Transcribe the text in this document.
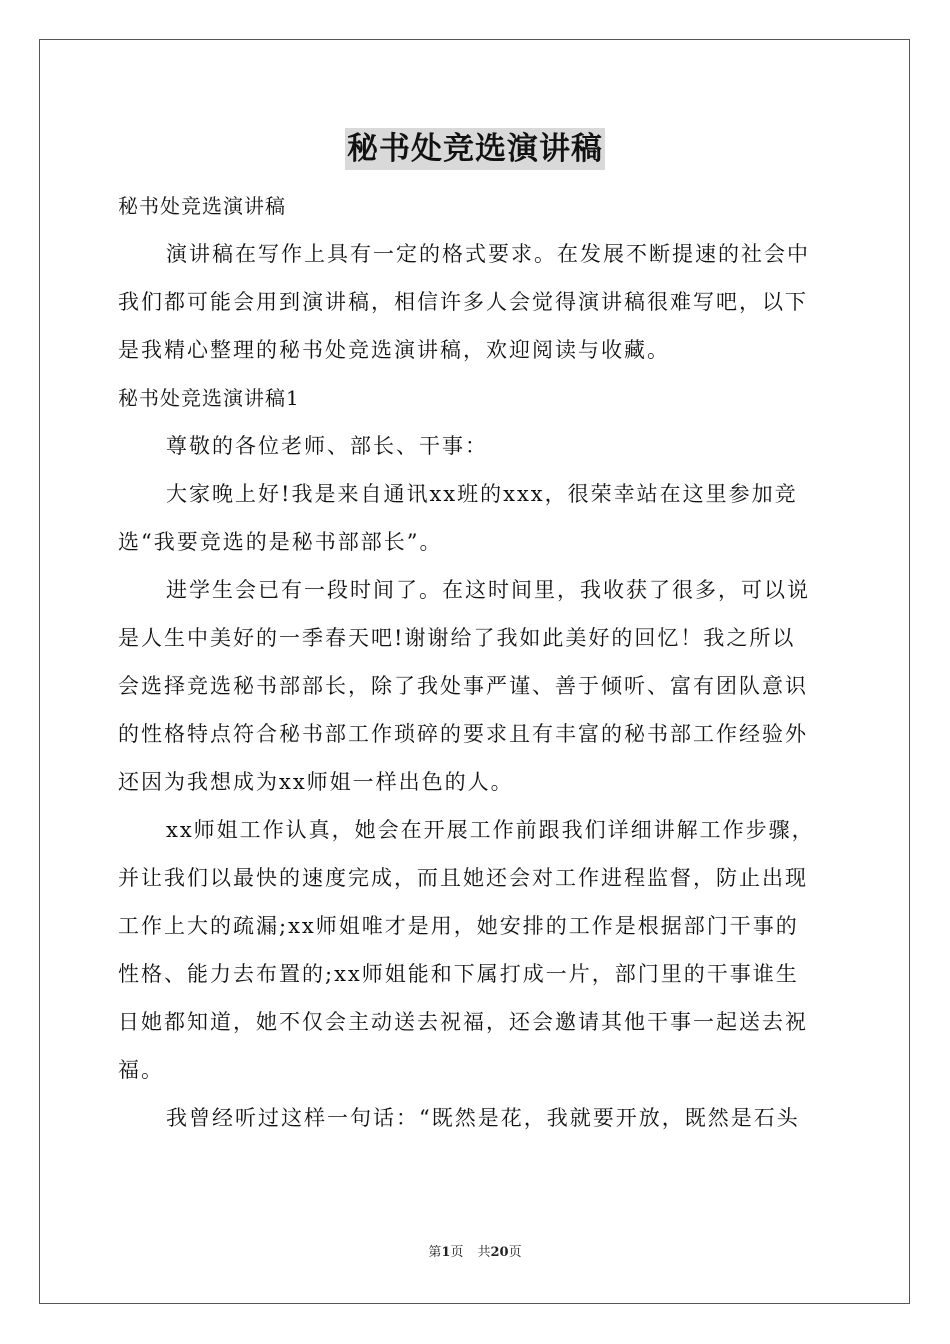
秘书处竞选演讲稿
秘书处竞选演讲稿
演讲稿在写作上具有一定的格式要求。在发展不断提速的社会中
我们都可能会用到演讲稿，相信许多人会觉得演讲稿很难写吧，以下
是我精心整理的秘书处竞选演讲稿，欢迎阅读与收藏。
秘书处竞选演讲稿1
尊敬的各位老师、部长、干事：
大家晚上好!我是来自通讯xx班的xxx，很荣幸站在这里参加竞
选“我要竞选的是秘书部部长”。
进学生会已有一段时间了。在这时间里，我收获了很多，可以说
是人生中美好的一季春天吧!谢谢给了我如此美好的回忆！我之所以
会选择竞选秘书部部长，除了我处事严谨、善于倾听、富有团队意识
的性格特点符合秘书部工作琐碎的要求且有丰富的秘书部工作经验外
还因为我想成为xx师姐一样出色的人。
xx师姐工作认真，她会在开展工作前跟我们详细讲解工作步骤，
并让我们以最快的速度完成，而且她还会对工作进程监督，防止出现
工作上大的疏漏;xx师姐唯才是用，她安排的工作是根据部门干事的
性格、能力去布置的;xx师姐能和下属打成一片，部门里的干事谁生
日她都知道，她不仅会主动送去祝福，还会邀请其他干事一起送去祝
福。
我曾经听过这样一句话：“既然是花，我就要开放，既然是石头
第1页 共20页
